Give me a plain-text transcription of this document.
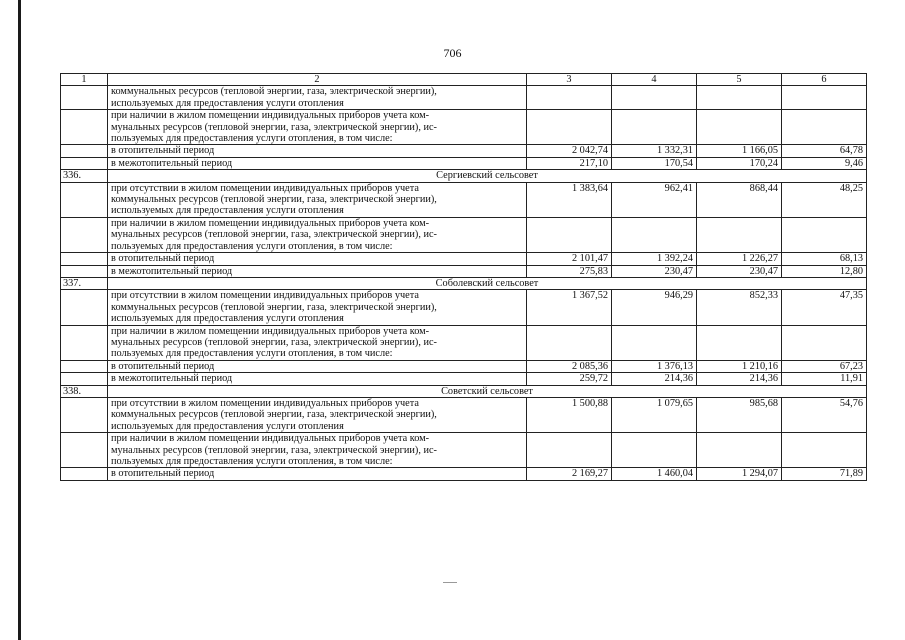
706
1	2	3	4	5	6

	коммунальных ресурсов (тепловой энергии, газа, электрической энергии),
используемых для предоставления услуги отопления				

	при наличии в жилом помещении индивидуальных приборов учета ком-
мунальных ресурсов (тепловой энергии, газа, электрической энергии), ис-
пользуемых для предоставления услуги отопления, в том числе:				

	в отопительный период	2 042,74	1 332,31	1 166,05	64,78
	в межотопительный период	217,10	170,54	170,24	9,46
336.	Сергиевский сельсовет				

	при отсутствии в жилом помещении индивидуальных приборов учета
коммунальных ресурсов (тепловой энергии, газа, электрической энергии),
используемых для предоставления услуги отопления	1 383,64	962,41	868,44	48,25

	при наличии в жилом помещении индивидуальных приборов учета ком-
мунальных ресурсов (тепловой энергии, газа, электрической энергии), ис-
пользуемых для предоставления услуги отопления, в том числе:				

	в отопительный период	2 101,47	1 392,24	1 226,27	68,13
	в межотопительный период	275,83	230,47	230,47	12,80
337.	Соболевский сельсовет				

	при отсутствии в жилом помещении индивидуальных приборов учета
коммунальных ресурсов (тепловой энергии, газа, электрической энергии),
используемых для предоставления услуги отопления	1 367,52	946,29	852,33	47,35

	при наличии в жилом помещении индивидуальных приборов учета ком-
мунальных ресурсов (тепловой энергии, газа, электрической энергии), ис-
пользуемых для предоставления услуги отопления, в том числе:				

	в отопительный период	2 085,36	1 376,13	1 210,16	67,23
	в межотопительный период	259,72	214,36	214,36	11,91
338.	Советский сельсовет				

	при отсутствии в жилом помещении индивидуальных приборов учета
коммунальных ресурсов (тепловой энергии, газа, электрической энергии),
используемых для предоставления услуги отопления	1 500,88	1 079,65	985,68	54,76

	при наличии в жилом помещении индивидуальных приборов учета ком-
мунальных ресурсов (тепловой энергии, газа, электрической энергии), ис-
пользуемых для предоставления услуги отопления, в том числе:				

	в отопительный период	2 169,27	1 460,04	1 294,07	71,89
